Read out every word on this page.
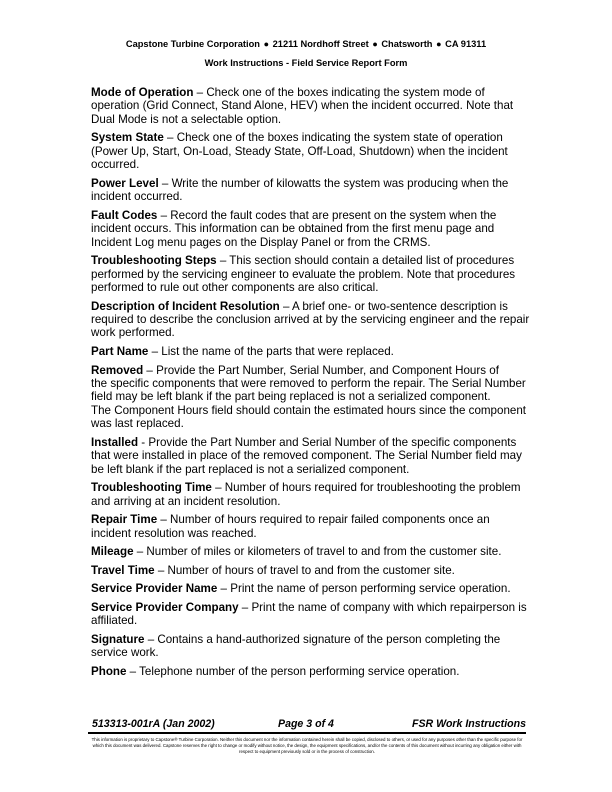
Capstone Turbine Corporation ● 21211 Nordhoff Street ● Chatsworth ● CA 91311
Work Instructions - Field Service Report Form
Mode of Operation – Check one of the boxes indicating the system mode of
operation (Grid Connect, Stand Alone, HEV) when the incident occurred. Note that
Dual Mode is not a selectable option.
System State – Check one of the boxes indicating the system state of operation
(Power Up, Start, On-Load, Steady State, Off-Load, Shutdown) when the incident
occurred.
Power Level – Write the number of kilowatts the system was producing when the
incident occurred.
Fault Codes – Record the fault codes that are present on the system when the
incident occurs. This information can be obtained from the first menu page and
Incident Log menu pages on the Display Panel or from the CRMS.
Troubleshooting Steps – This section should contain a detailed list of procedures
performed by the servicing engineer to evaluate the problem. Note that procedures
performed to rule out other components are also critical.
Description of Incident Resolution – A brief one- or two-sentence description is
required to describe the conclusion arrived at by the servicing engineer and the repair
work performed.
Part Name – List the name of the parts that were replaced.
Removed – Provide the Part Number, Serial Number, and Component Hours of
the specific components that were removed to perform the repair. The Serial Number
field may be left blank if the part being replaced is not a serialized component.
The Component Hours field should contain the estimated hours since the component
was last replaced.
Installed - Provide the Part Number and Serial Number of the specific components
that were installed in place of the removed component. The Serial Number field may
be left blank if the part replaced is not a serialized component.
Troubleshooting Time – Number of hours required for troubleshooting the problem
and arriving at an incident resolution.
Repair Time – Number of hours required to repair failed components once an
incident resolution was reached.
Mileage – Number of miles or kilometers of travel to and from the customer site.
Travel Time – Number of hours of travel to and from the customer site.
Service Provider Name – Print the name of person performing service operation.
Service Provider Company – Print the name of company with which repairperson is
affiliated.
Signature – Contains a hand-authorized signature of the person completing the
service work.
Phone – Telephone number of the person performing service operation.
513313-001rA (Jan 2002)	Page 3 of 4	FSR Work Instructions
This information is proprietary to Capstone® Turbine Corporation. Neither this document nor the information contained herein shall be copied, disclosed to others, or used for any purposes other than the specific purpose for which this document was delivered. Capstone reserves the right to change or modify without notice, the design, the equipment specifications, and/or the contents of this document without incurring any obligation either with respect to equipment previously sold or in the process of construction.
